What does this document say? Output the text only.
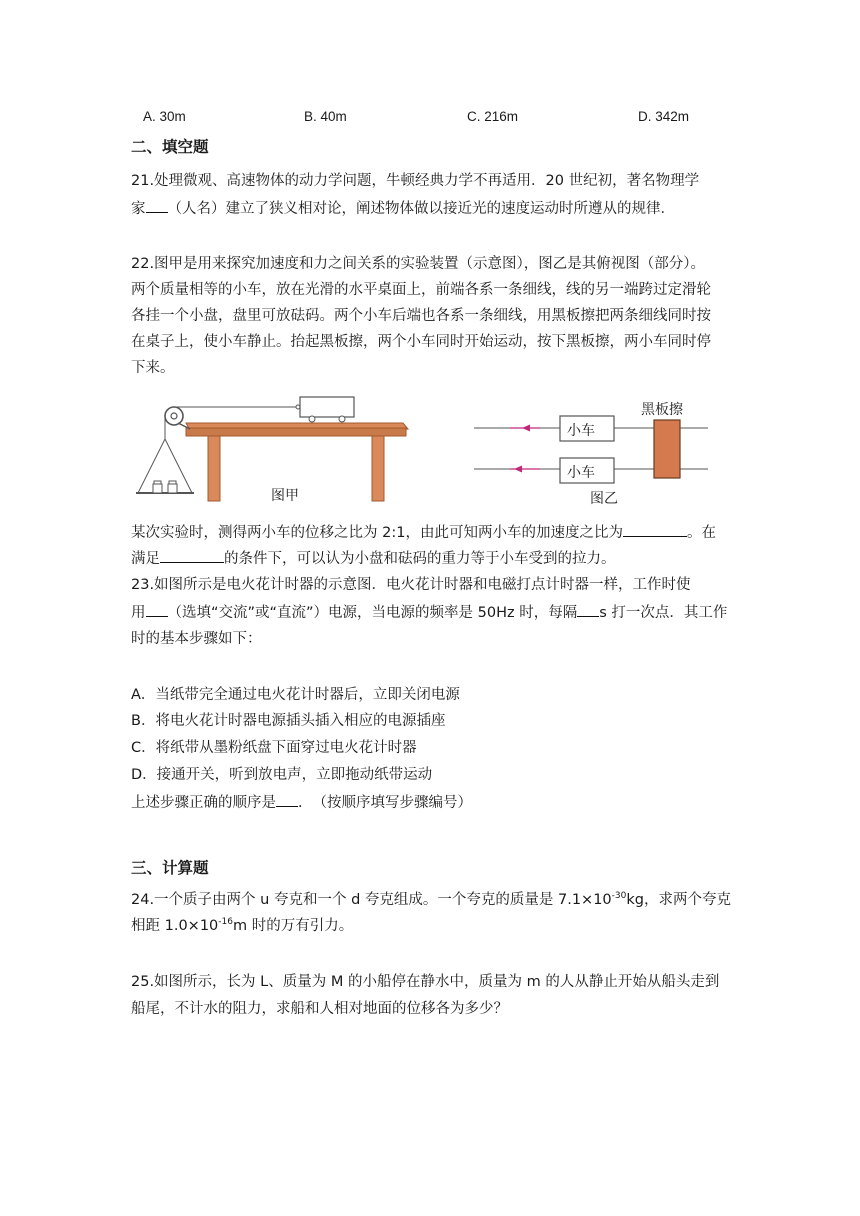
A. 30m	B. 40m	C. 216m	D. 342m
二、填空题
21.处理微观、高速物体的动力学问题，牛顿经典力学不再适用．20 世纪初，著名物理学
家 （人名）建立了狭义相对论，阐述物体做以接近光的速度运动时所遵从的规律．
22.图甲是用来探究加速度和力之间关系的实验装置（示意图），图乙是其俯视图（部分）。
两个质量相等的小车，放在光滑的水平桌面上，前端各系一条细线，线的另一端跨过定滑轮
各挂一个小盘，盘里可放砝码。两个小车后端也各系一条细线，用黑板擦把两条细线同时按
在桌子上，使小车静止。抬起黑板擦，两个小车同时开始运动，按下黑板擦，两小车同时停
下来。
图甲
小车
小车
黑板擦
图乙
某次实验时，测得两小车的位移之比为 2:1，由此可知两小车的加速度之比为	。在
满足	的条件下，可以认为小盘和砝码的重力等于小车受到的拉力。
23.如图所示是电火花计时器的示意图．电火花计时器和电磁打点计时器一样，工作时使
用 （选填“交流”或“直流”）电源，当电源的频率是 50Hz 时，每隔 s 打一次点．其工作
时的基本步骤如下：
A．当纸带完全通过电火花计时器后，立即关闭电源
B．将电火花计时器电源插头插入相应的电源插座
C．将纸带从墨粉纸盘下面穿过电火花计时器
D．接通开关，听到放电声，立即拖动纸带运动
上述步骤正确的顺序是 ．　（按顺序填写步骤编号）
三、计算题
24.一个质子由两个 u 夸克和一个 d 夸克组成。一个夸克的质量是 $7.1\times 10^{-30}kg$，求两个夸克
相距 $1.0\times 10^{-16}m$ 时的万有引力。
25.如图所示，长为 L、质量为 M 的小船停在静水中，质量为 m 的人从静止开始从船头走到
船尾，不计水的阻力，求船和人相对地面的位移各为多少？
